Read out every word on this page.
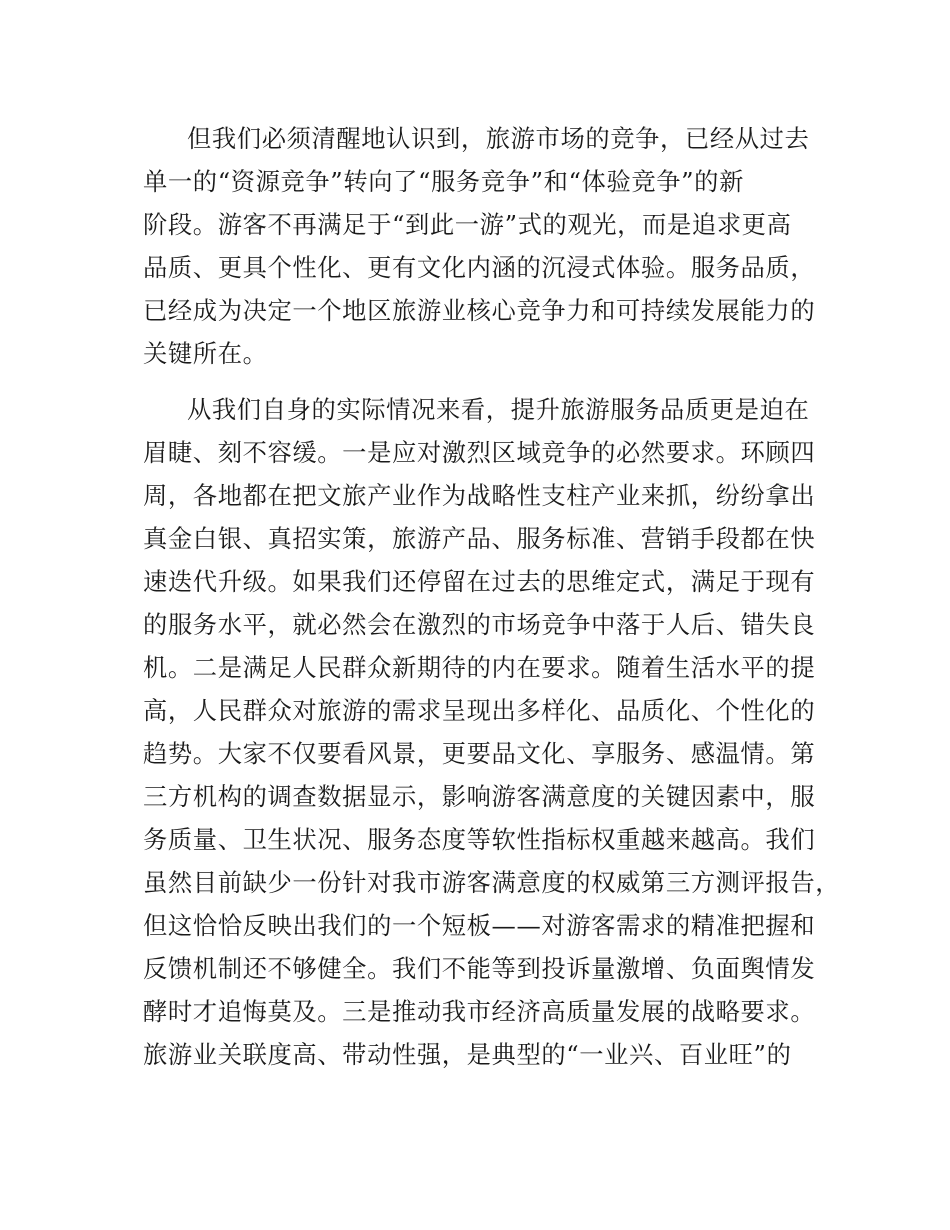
但我们必须清醒地认识到，旅游市场的竞争，已经从过去
单一的“资源竞争”转向了“服务竞争”和“体验竞争”的新
阶段。游客不再满足于“到此一游”式的观光，而是追求更高
品质、更具个性化、更有文化内涵的沉浸式体验。服务品质，
已经成为决定一个地区旅游业核心竞争力和可持续发展能力的
关键所在。
从我们自身的实际情况来看，提升旅游服务品质更是迫在
眉睫、刻不容缓。一是应对激烈区域竞争的必然要求。环顾四
周，各地都在把文旅产业作为战略性支柱产业来抓，纷纷拿出
真金白银、真招实策，旅游产品、服务标准、营销手段都在快
速迭代升级。如果我们还停留在过去的思维定式，满足于现有
的服务水平，就必然会在激烈的市场竞争中落于人后、错失良
机。二是满足人民群众新期待的内在要求。随着生活水平的提
高，人民群众对旅游的需求呈现出多样化、品质化、个性化的
趋势。大家不仅要看风景，更要品文化、享服务、感温情。第
三方机构的调查数据显示，影响游客满意度的关键因素中，服
务质量、卫生状况、服务态度等软性指标权重越来越高。我们
虽然目前缺少一份针对我市游客满意度的权威第三方测评报告，
但这恰恰反映出我们的一个短板——对游客需求的精准把握和
反馈机制还不够健全。我们不能等到投诉量激增、负面舆情发
酵时才追悔莫及。三是推动我市经济高质量发展的战略要求。
旅游业关联度高、带动性强，是典型的“一业兴、百业旺”的
